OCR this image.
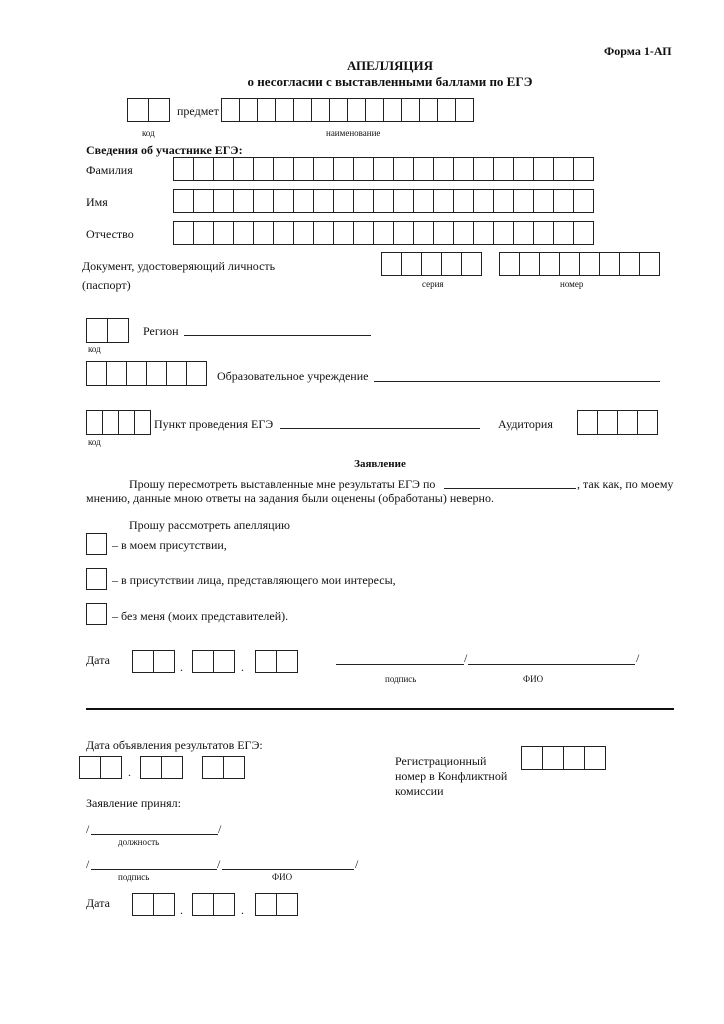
Форма 1-АП
АПЕЛЛЯЦИЯ
о несогласии с выставленными баллами по ЕГЭ
предмет
код	наименование
Сведения об участнике ЕГЭ:
Фамилия
Имя
Отчество
Документ, удостоверяющий личность
(паспорт)	серия	номер
Регион
код
Образовательное учреждение
Пункт проведения ЕГЭ	Аудитория
код
Заявление
Прошу пересмотреть выставленные мне результаты ЕГЭ по	, так как, по моему
мнению, данные мною ответы на задания были оценены (обработаны) неверно.
Прошу рассмотреть апелляцию
– в моем присутствии,
– в присутствии лица, представляющего мои интересы,
– без меня (моих представителей).
Дата	.	.
/	/
подпись	ФИО
Дата объявления результатов ЕГЭ:
.
Регистрационный
номер в Конфликтной
комиссии
Заявление принял:
/	/
должность
/	/	/
подпись	ФИО
Дата	.	.
